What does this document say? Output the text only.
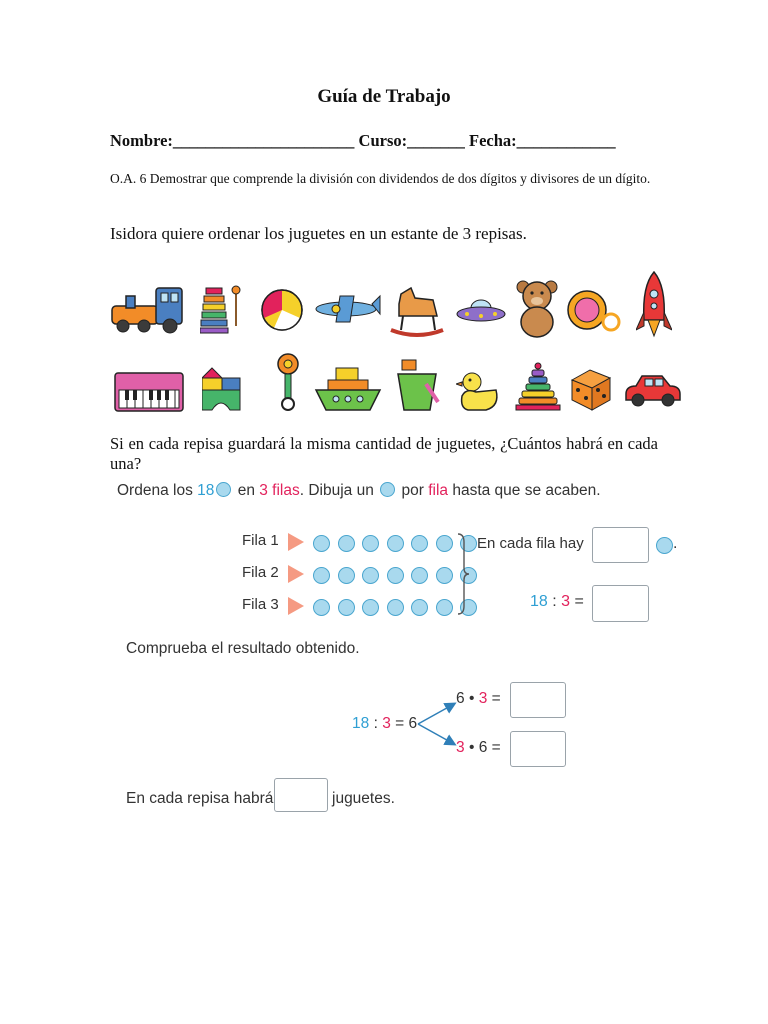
Guía de Trabajo
Nombre:______________________ Curso:_______ Fecha:____________
O.A. 6 Demostrar que comprende la división con dividendos de dos dígitos y divisores de un dígito.
Isidora quiere ordenar los juguetes en un estante de 3 repisas.
Si en cada repisa guardará la misma cantidad de juguetes, ¿Cuántos habrá en cada una?
Ordena los 18 en 3 filas. Dibuja un  por fila hasta que se acaben.
Fila 1
Fila 2
Fila 3
En cada fila hay	.
18 : 3 =
Comprueba el resultado obtenido.
18 : 3 = 6
6 • 3 =
3 • 6 =
En cada repisa habrá	juguetes.
